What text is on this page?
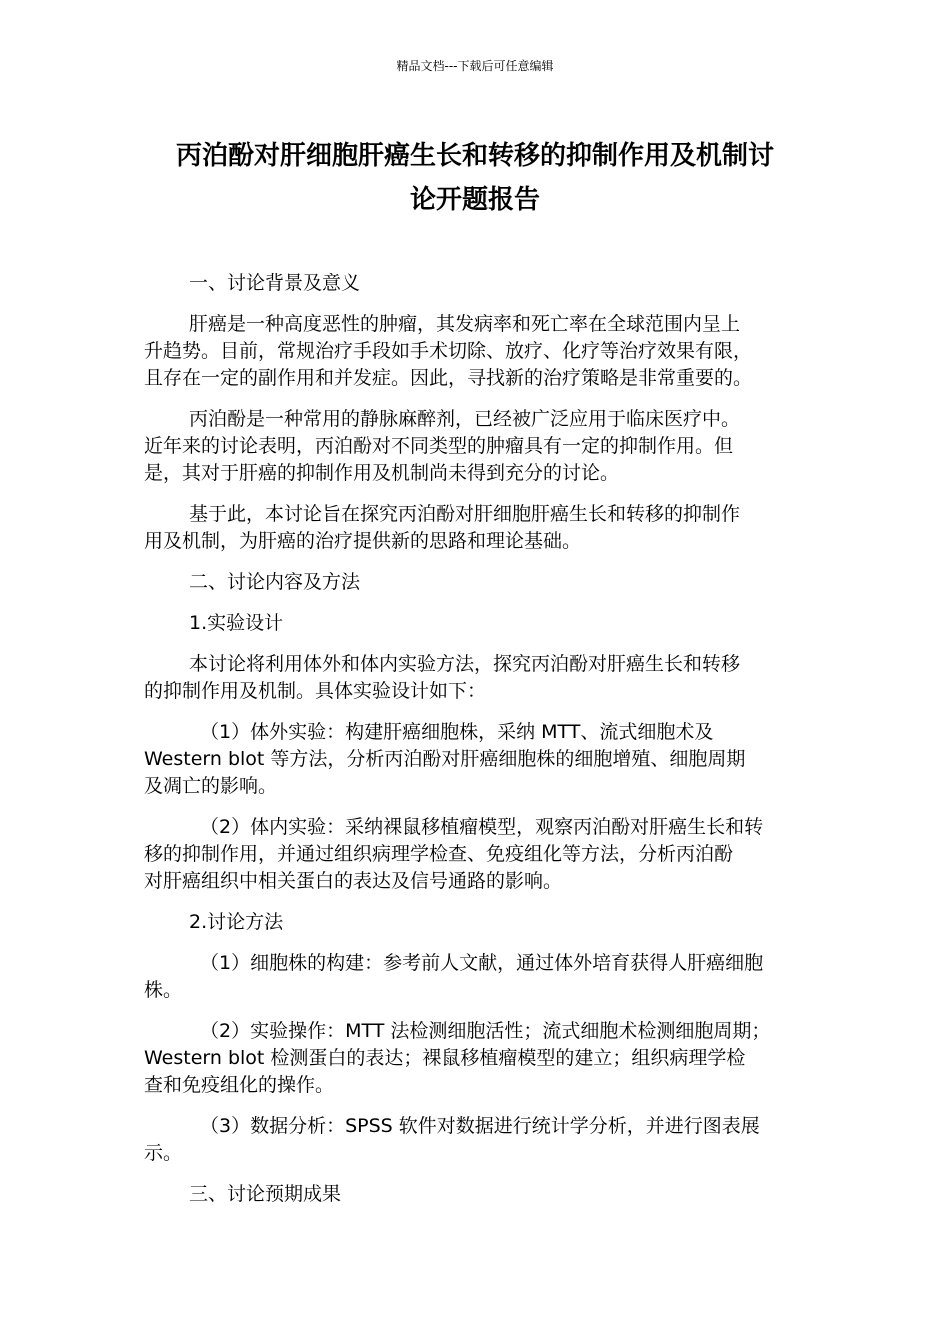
精品文档---下载后可任意编辑
丙泊酚对肝细胞肝癌生长和转移的抑制作用及机制讨
论开题报告
一、讨论背景及意义
肝癌是一种高度恶性的肿瘤，其发病率和死亡率在全球范围内呈上
升趋势。目前，常规治疗手段如手术切除、放疗、化疗等治疗效果有限，
且存在一定的副作用和并发症。因此，寻找新的治疗策略是非常重要的。
丙泊酚是一种常用的静脉麻醉剂，已经被广泛应用于临床医疗中。
近年来的讨论表明，丙泊酚对不同类型的肿瘤具有一定的抑制作用。但
是，其对于肝癌的抑制作用及机制尚未得到充分的讨论。
基于此，本讨论旨在探究丙泊酚对肝细胞肝癌生长和转移的抑制作
用及机制，为肝癌的治疗提供新的思路和理论基础。
二、讨论内容及方法
1.实验设计
本讨论将利用体外和体内实验方法，探究丙泊酚对肝癌生长和转移
的抑制作用及机制。具体实验设计如下：
（1）体外实验：构建肝癌细胞株，采纳 MTT、流式细胞术及
Western blot 等方法，分析丙泊酚对肝癌细胞株的细胞增殖、细胞周期
及凋亡的影响。
（2）体内实验：采纳裸鼠移植瘤模型，观察丙泊酚对肝癌生长和转
移的抑制作用，并通过组织病理学检查、免疫组化等方法，分析丙泊酚
对肝癌组织中相关蛋白的表达及信号通路的影响。
2.讨论方法
（1）细胞株的构建：参考前人文献，通过体外培育获得人肝癌细胞
株。
（2）实验操作：MTT 法检测细胞活性；流式细胞术检测细胞周期；
Western blot 检测蛋白的表达；裸鼠移植瘤模型的建立；组织病理学检
查和免疫组化的操作。
（3）数据分析：SPSS 软件对数据进行统计学分析，并进行图表展
示。
三、讨论预期成果
